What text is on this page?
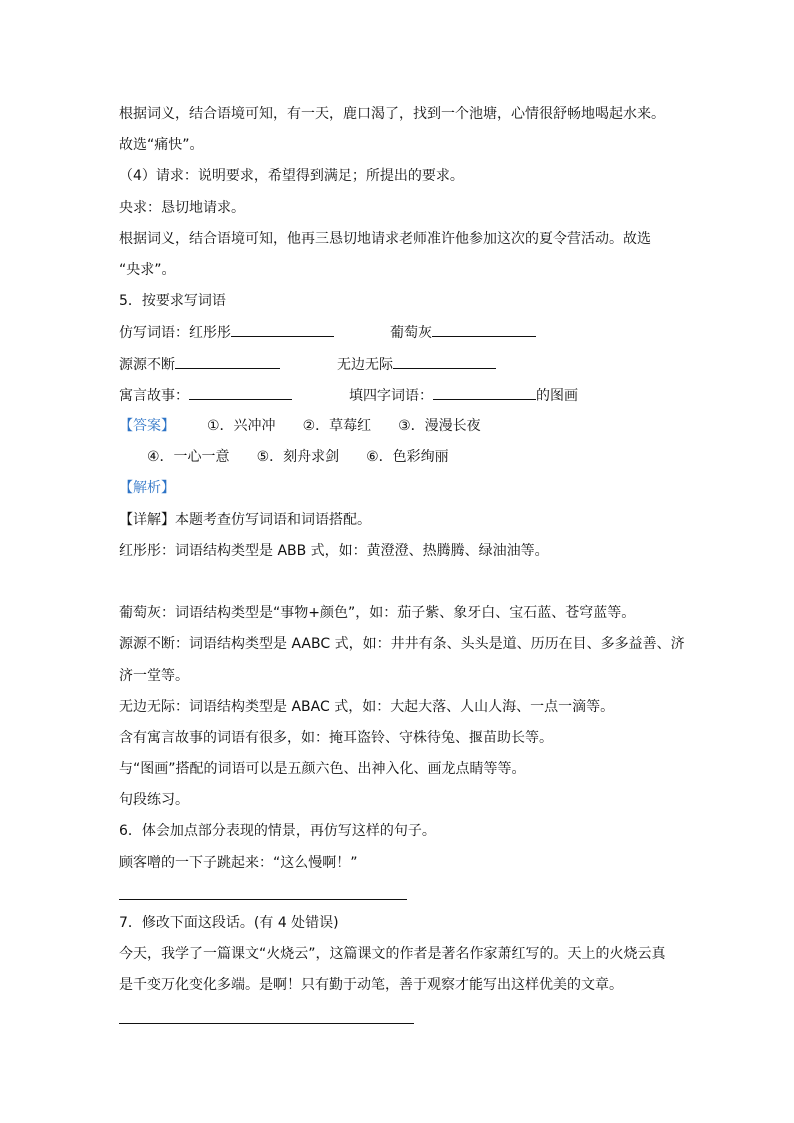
根据词义，结合语境可知，有一天，鹿口渴了，找到一个池塘，心情很舒畅地喝起水来。
故选“痛快”。
（4）请求：说明要求，希望得到满足；所提出的要求。
央求：恳切地请求。
根据词义，结合语境可知，他再三恳切地请求老师准许他参加这次的夏令营活动。故选
“央求”。
5．按要求写词语
仿写词语：红彤彤	葡萄灰
源源不断	无边无际
寓言故事：	填四字词语：	的图画
【答案】 ①．兴冲冲 ②．草莓红 ③．漫漫长夜
④．一心一意 ⑤．刻舟求剑 ⑥．色彩绚丽
【解析】
【详解】本题考查仿写词语和词语搭配。
红彤彤：词语结构类型是 ABB 式，如：黄澄澄、热腾腾、绿油油等。
葡萄灰：词语结构类型是“事物+颜色”，如：茄子紫、象牙白、宝石蓝、苍穹蓝等。
源源不断：词语结构类型是 AABC 式，如：井井有条、头头是道、历历在目、多多益善、济
济一堂等。
无边无际：词语结构类型是 ABAC 式，如：大起大落、人山人海、一点一滴等。
含有寓言故事的词语有很多，如：掩耳盗铃、守株待兔、揠苗助长等。
与“图画”搭配的词语可以是五颜六色、出神入化、画龙点睛等等。
句段练习。
6．体会加点部分表现的情景，再仿写这样的句子。
顾客噌的一下子跳起来：“这么慢啊！”
7．修改下面这段话。(有 4 处错误)
今天，我学了一篇课文“火烧云”，这篇课文的作者是著名作家萧红写的。天上的火烧云真
是千变万化变化多端。是啊！只有勤于动笔，善于观察才能写出这样优美的文章。
